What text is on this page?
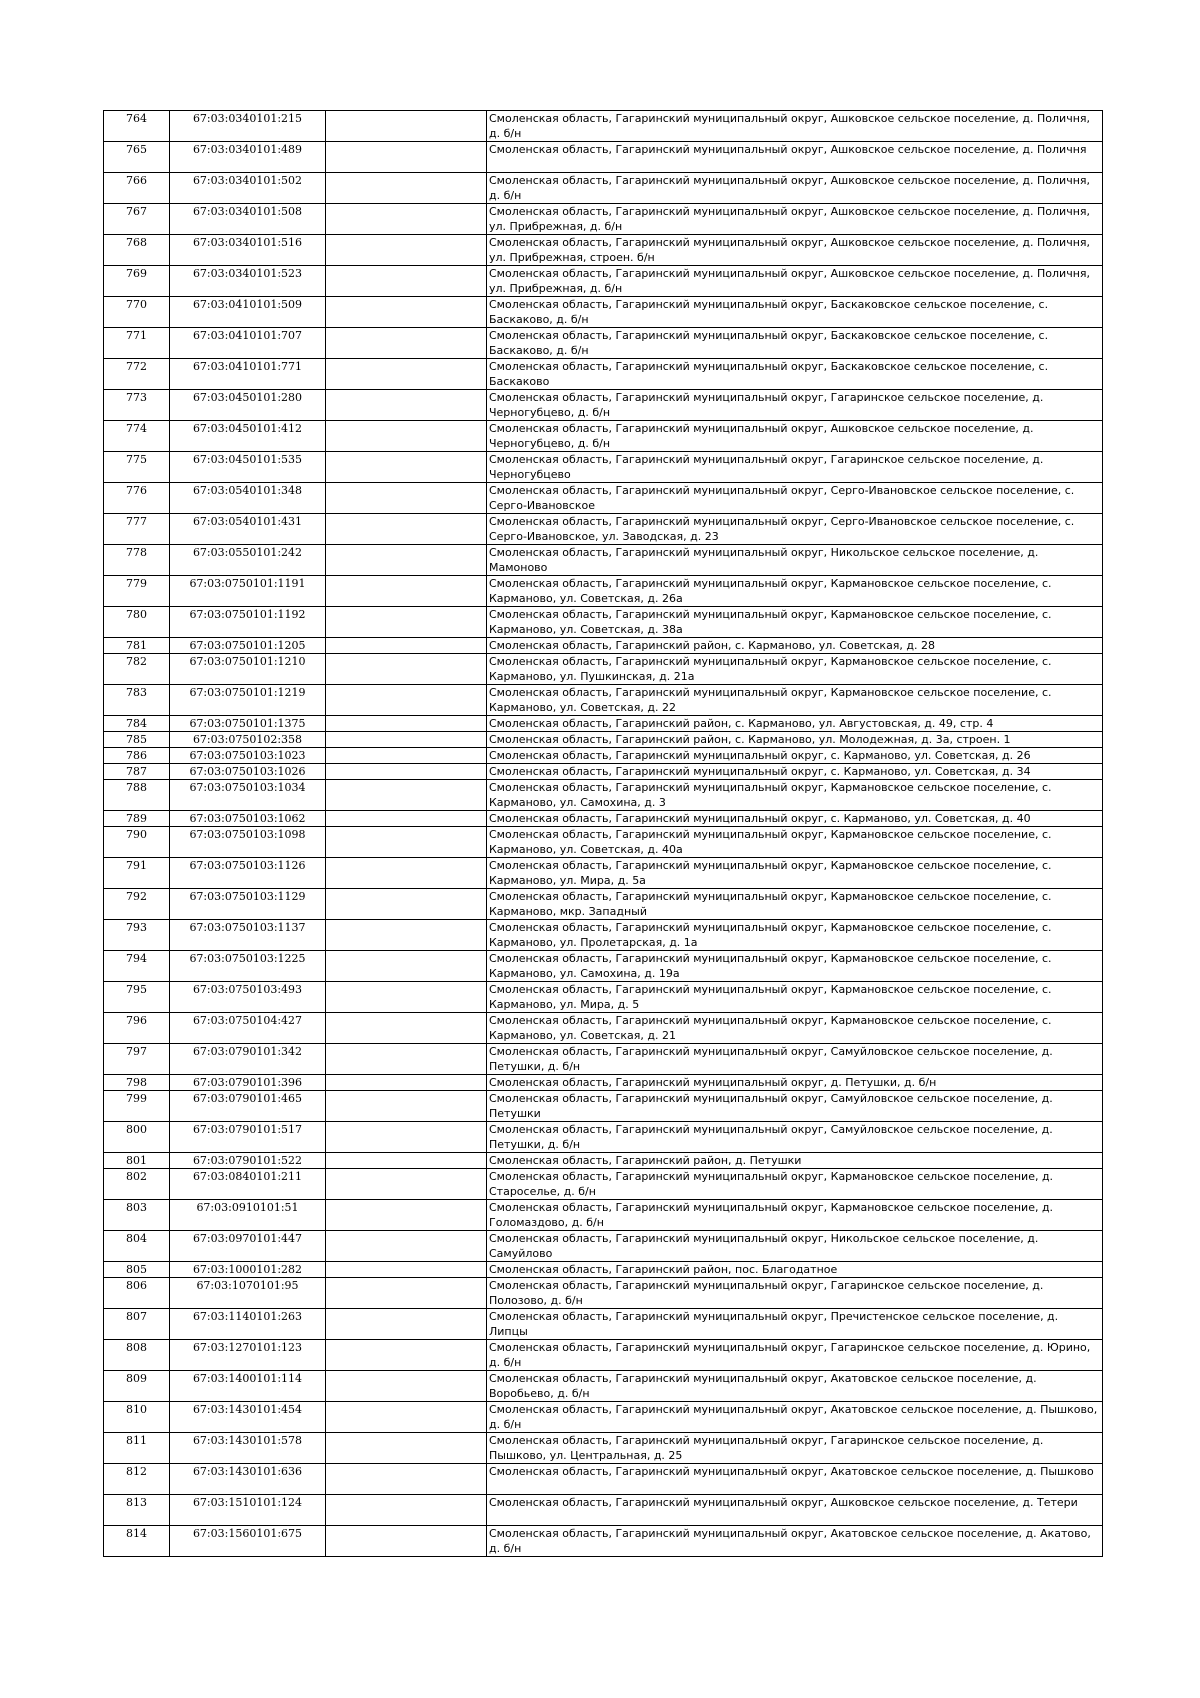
764	67:03:0340101:215		Смоленская область, Гагаринский муниципальный округ, Ашковское сельское поселение, д. Поличня, д. б/н
765	67:03:0340101:489		Смоленская область, Гагаринский муниципальный округ, Ашковское сельское поселение, д. Поличня
766	67:03:0340101:502		Смоленская область, Гагаринский муниципальный округ, Ашковское сельское поселение, д. Поличня, д. б/н
767	67:03:0340101:508		Смоленская область, Гагаринский муниципальный округ, Ашковское сельское поселение, д. Поличня, ул. Прибрежная, д. б/н
768	67:03:0340101:516		Смоленская область, Гагаринский муниципальный округ, Ашковское сельское поселение, д. Поличня, ул. Прибрежная, строен. б/н
769	67:03:0340101:523		Смоленская область, Гагаринский муниципальный округ, Ашковское сельское поселение, д. Поличня, ул. Прибрежная, д. б/н
770	67:03:0410101:509		Смоленская область, Гагаринский муниципальный округ, Баскаковское сельское поселение, с. Баскаково, д. б/н
771	67:03:0410101:707		Смоленская область, Гагаринский муниципальный округ, Баскаковское сельское поселение, с. Баскаково, д. б/н
772	67:03:0410101:771		Смоленская область, Гагаринский муниципальный округ, Баскаковское сельское поселение, с. Баскаково
773	67:03:0450101:280		Смоленская область, Гагаринский муниципальный округ, Гагаринское сельское поселение, д. Черногубцево, д. б/н
774	67:03:0450101:412		Смоленская область, Гагаринский муниципальный округ, Ашковское сельское поселение, д. Черногубцево, д. б/н
775	67:03:0450101:535		Смоленская область, Гагаринский муниципальный округ, Гагаринское сельское поселение, д. Черногубцево
776	67:03:0540101:348		Смоленская область, Гагаринский муниципальный округ, Серго-Ивановское сельское поселение, с. Серго-Ивановское
777	67:03:0540101:431		Смоленская область, Гагаринский муниципальный округ, Серго-Ивановское сельское поселение, с. Серго-Ивановское, ул. Заводская, д. 23
778	67:03:0550101:242		Смоленская область, Гагаринский муниципальный округ, Никольское сельское поселение, д. Мамоново
779	67:03:0750101:1191		Смоленская область, Гагаринский муниципальный округ, Кармановское сельское поселение, с. Карманово, ул. Советская, д. 26а
780	67:03:0750101:1192		Смоленская область, Гагаринский муниципальный округ, Кармановское сельское поселение, с. Карманово, ул. Советская, д. 38а
781	67:03:0750101:1205		Смоленская область, Гагаринский район, с. Карманово, ул. Советская, д. 28
782	67:03:0750101:1210		Смоленская область, Гагаринский муниципальный округ, Кармановское сельское поселение, с. Карманово, ул. Пушкинская, д. 21а
783	67:03:0750101:1219		Смоленская область, Гагаринский муниципальный округ, Кармановское сельское поселение, с. Карманово, ул. Советская, д. 22
784	67:03:0750101:1375		Смоленская область, Гагаринский район, с. Карманово, ул. Августовская, д. 49, стр. 4
785	67:03:0750102:358		Смоленская область, Гагаринский район, с. Карманово, ул. Молодежная, д. 3а, строен. 1
786	67:03:0750103:1023		Смоленская область, Гагаринский муниципальный округ, с. Карманово, ул. Советская, д. 26
787	67:03:0750103:1026		Смоленская область, Гагаринский муниципальный округ, с. Карманово, ул. Советская, д. 34
788	67:03:0750103:1034		Смоленская область, Гагаринский муниципальный округ, Кармановское сельское поселение, с. Карманово, ул. Самохина, д. 3
789	67:03:0750103:1062		Смоленская область, Гагаринский муниципальный округ, с. Карманово, ул. Советская, д. 40
790	67:03:0750103:1098		Смоленская область, Гагаринский муниципальный округ, Кармановское сельское поселение, с. Карманово, ул. Советская, д. 40а
791	67:03:0750103:1126		Смоленская область, Гагаринский муниципальный округ, Кармановское сельское поселение, с. Карманово, ул. Мира, д. 5а
792	67:03:0750103:1129		Смоленская область, Гагаринский муниципальный округ, Кармановское сельское поселение, с. Карманово, мкр. Западный
793	67:03:0750103:1137		Смоленская область, Гагаринский муниципальный округ, Кармановское сельское поселение, с. Карманово, ул. Пролетарская, д. 1а
794	67:03:0750103:1225		Смоленская область, Гагаринский муниципальный округ, Кармановское сельское поселение, с. Карманово, ул. Самохина, д. 19а
795	67:03:0750103:493		Смоленская область, Гагаринский муниципальный округ, Кармановское сельское поселение, с. Карманово, ул. Мира, д. 5
796	67:03:0750104:427		Смоленская область, Гагаринский муниципальный округ, Кармановское сельское поселение, с. Карманово, ул. Советская, д. 21
797	67:03:0790101:342		Смоленская область, Гагаринский муниципальный округ, Самуйловское сельское поселение, д. Петушки, д. б/н
798	67:03:0790101:396		Смоленская область, Гагаринский муниципальный округ, д. Петушки, д. б/н
799	67:03:0790101:465		Смоленская область, Гагаринский муниципальный округ, Самуйловское сельское поселение, д. Петушки
800	67:03:0790101:517		Смоленская область, Гагаринский муниципальный округ, Самуйловское сельское поселение, д. Петушки, д. б/н
801	67:03:0790101:522		Смоленская область, Гагаринский район, д. Петушки
802	67:03:0840101:211		Смоленская область, Гагаринский муниципальный округ, Кармановское сельское поселение, д. Староселье, д. б/н
803	67:03:0910101:51		Смоленская область, Гагаринский муниципальный округ, Кармановское сельское поселение, д. Голомаздово, д. б/н
804	67:03:0970101:447		Смоленская область, Гагаринский муниципальный округ, Никольское сельское поселение, д. Самуйлово
805	67:03:1000101:282		Смоленская область, Гагаринский район, пос. Благодатное
806	67:03:1070101:95		Смоленская область, Гагаринский муниципальный округ, Гагаринское сельское поселение, д. Полозово, д. б/н
807	67:03:1140101:263		Смоленская область, Гагаринский муниципальный округ, Пречистенское сельское поселение, д. Липцы
808	67:03:1270101:123		Смоленская область, Гагаринский муниципальный округ, Гагаринское сельское поселение, д. Юрино, д. б/н
809	67:03:1400101:114		Смоленская область, Гагаринский муниципальный округ, Акатовское сельское поселение, д. Воробьево, д. б/н
810	67:03:1430101:454		Смоленская область, Гагаринский муниципальный округ, Акатовское сельское поселение, д. Пышково, д. б/н
811	67:03:1430101:578		Смоленская область, Гагаринский муниципальный округ, Гагаринское сельское поселение, д. Пышково, ул. Центральная, д. 25
812	67:03:1430101:636		Смоленская область, Гагаринский муниципальный округ, Акатовское сельское поселение, д. Пышково
813	67:03:1510101:124		Смоленская область, Гагаринский муниципальный округ, Ашковское сельское поселение, д. Тетери
814	67:03:1560101:675		Смоленская область, Гагаринский муниципальный округ, Акатовское сельское поселение, д. Акатово, д. б/н
